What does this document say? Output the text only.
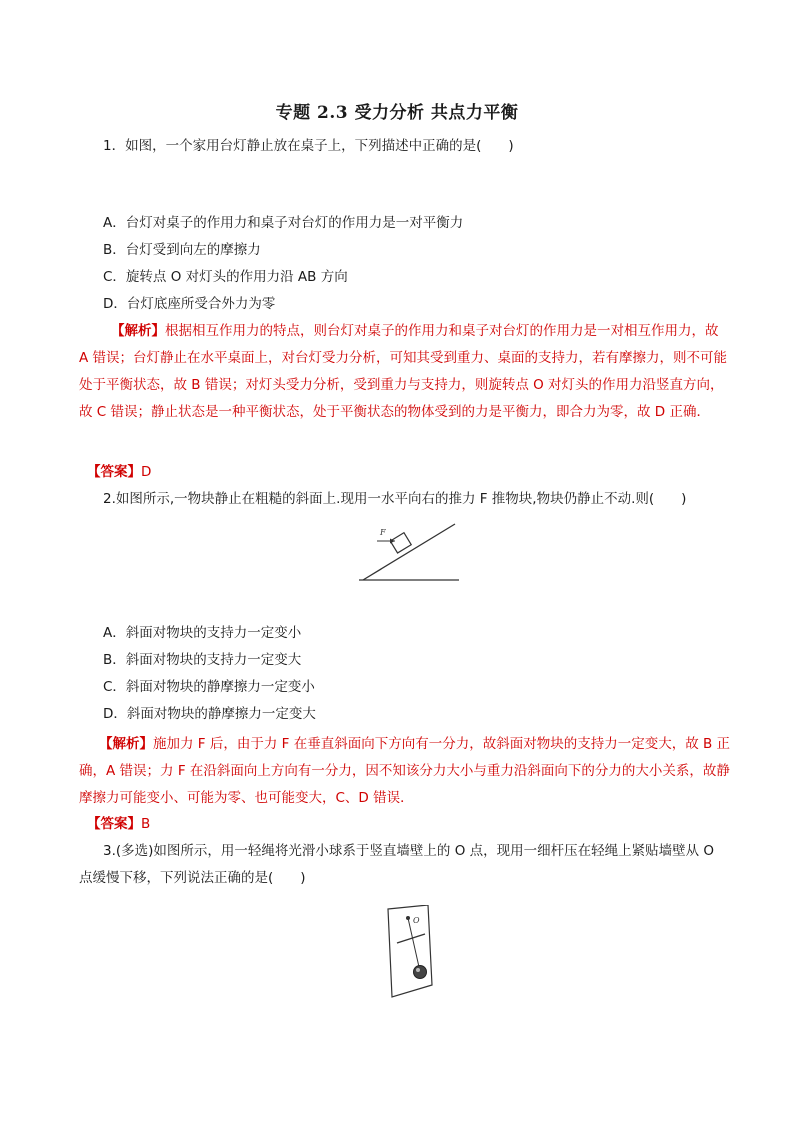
专题 2.3 受力分析 共点力平衡
1．如图，一个家用台灯静止放在桌子上，下列描述中正确的是(　　)
A．台灯对桌子的作用力和桌子对台灯的作用力是一对平衡力
B．台灯受到向左的摩擦力
C．旋转点 O 对灯头的作用力沿 AB 方向
D．台灯底座所受合外力为零
【解析】根据相互作用力的特点，则台灯对桌子的作用力和桌子对台灯的作用力是一对相互作用力，故 A 错误；台灯静止在水平桌面上，对台灯受力分析，可知其受到重力、桌面的支持力，若有摩擦力，则不可能处于平衡状态，故 B 错误；对灯头受力分析，受到重力与支持力，则旋转点 O 对灯头的作用力沿竖直方向，故 C 错误；静止状态是一种平衡状态，处于平衡状态的物体受到的力是平衡力，即合力为零，故 D 正确．
【答案】D
2.如图所示,一物块静止在粗糙的斜面上.现用一水平向右的推力 F 推物块,物块仍静止不动.则(　　)
F
A．斜面对物块的支持力一定变小
B．斜面对物块的支持力一定变大
C．斜面对物块的静摩擦力一定变小
D．斜面对物块的静摩擦力一定变大
【解析】施加力 F 后，由于力 F 在垂直斜面向下方向有一分力，故斜面对物块的支持力一定变大，故 B 正确，A 错误；力 F 在沿斜面向上方向有一分力，因不知该分力大小与重力沿斜面向下的分力的大小关系，故静摩擦力可能变小、可能为零、也可能变大，C、D 错误．
【答案】B
3.(多选)如图所示，用一轻绳将光滑小球系于竖直墙壁上的 O 点，现用一细杆压在轻绳上紧贴墙壁从 O
点缓慢下移，下列说法正确的是(　　)
O
